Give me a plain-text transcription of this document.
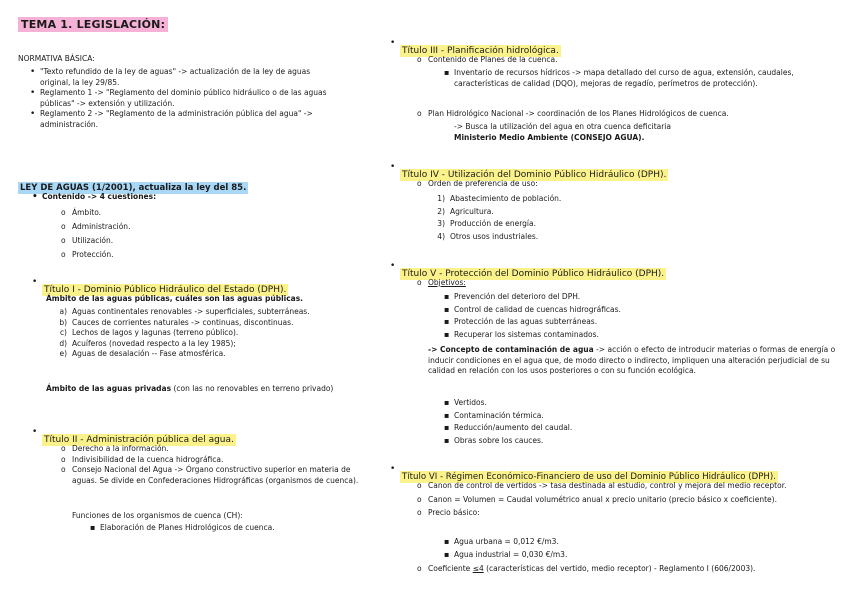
TEMA 1. LEGISLACIÓN:
NORMATIVA BÁSICA:
• "Texto refundido de la ley de aguas" -> actualización de la ley de aguas original, la ley 29/85.
• Reglamento 1 -> "Reglamento del dominio público hidráulico o de las aguas públicas" -> extensión y utilización.
• Reglamento 2 -> "Reglamento de la administración pública del agua" -> administración.
LEY DE AGUAS (1/2001), actualiza la ley del 85.
• Contenido -> 4 cuestiones:
o Ámbito.
o Administración.
o Utilización.
o Protección.
• Título I - Dominio Público Hidráulico del Estado (DPH).
Ámbito de las aguas públicas, cuáles son las aguas públicas.
a) Aguas continentales renovables -> superficiales, subterráneas.
b) Cauces de corrientes naturales -> continuas, discontinuas.
c) Lechos de lagos y lagunas (terreno público).
d) Acuíferos (novedad respecto a la ley 1985);
e) Aguas de desalación -- Fase atmosférica.
Ámbito de las aguas privadas (con las no renovables en terreno privado)
• Título II - Administración pública del agua.
o Derecho a la información.
o Indivisibilidad de la cuenca hidrográfica.
o Consejo Nacional del Agua -> Órgano constructivo superior en materia de aguas. Se divide en Confederaciones Hidrográficas (organismos de cuenca).
Funciones de los organismos de cuenca (CH):
▪ Elaboración de Planes Hidrológicos de cuenca.
• Título III - Planificación hidrológica.
o Contenido de Planes de la cuenca.
▪ Inventario de recursos hídricos -> mapa detallado del curso de agua, extensión, caudales, características de calidad (DQO), mejoras de regadío, perímetros de protección).
o Plan Hidrológico Nacional -> coordinación de los Planes Hidrológicos de cuenca.
-> Busca la utilización del agua en otra cuenca deficitaria
Ministerio Medio Ambiente (CONSEJO AGUA).
• Título IV - Utilización del Dominio Público Hidráulico (DPH).
o Orden de preferencia de uso:
1) Abastecimiento de población.
2) Agricultura.
3) Producción de energía.
4) Otros usos industriales.
• Título V - Protección del Dominio Público Hidráulico (DPH).
o Objetivos:
▪ Prevención del deterioro del DPH.
▪ Control de calidad de cuencas hidrográficas.
▪ Protección de las aguas subterráneas.
▪ Recuperar los sistemas contaminados.
-> Concepto de contaminación de agua -> acción o efecto de introducir materias o formas de energía o inducir condiciones en el agua que, de modo directo o indirecto, impliquen una alteración perjudicial de su calidad en relación con los usos posteriores o con su función ecológica.
▪ Vertidos.
▪ Contaminación térmica.
▪ Reducción/aumento del caudal.
▪ Obras sobre los cauces.
• Título VI - Régimen Económico-Financiero de uso del Dominio Público Hidráulico (DPH).
o Canon de control de vertidos -> tasa destinada al estudio, control y mejora del medio receptor.
o Canon = Volumen = Caudal volumétrico anual x precio unitario (precio básico x coeficiente).
o Precio básico:
▪ Agua urbana = 0,012 €/m3.
▪ Agua industrial = 0,030 €/m3.
o Coeficiente ≤4 (características del vertido, medio receptor) - Reglamento I (606/2003).
